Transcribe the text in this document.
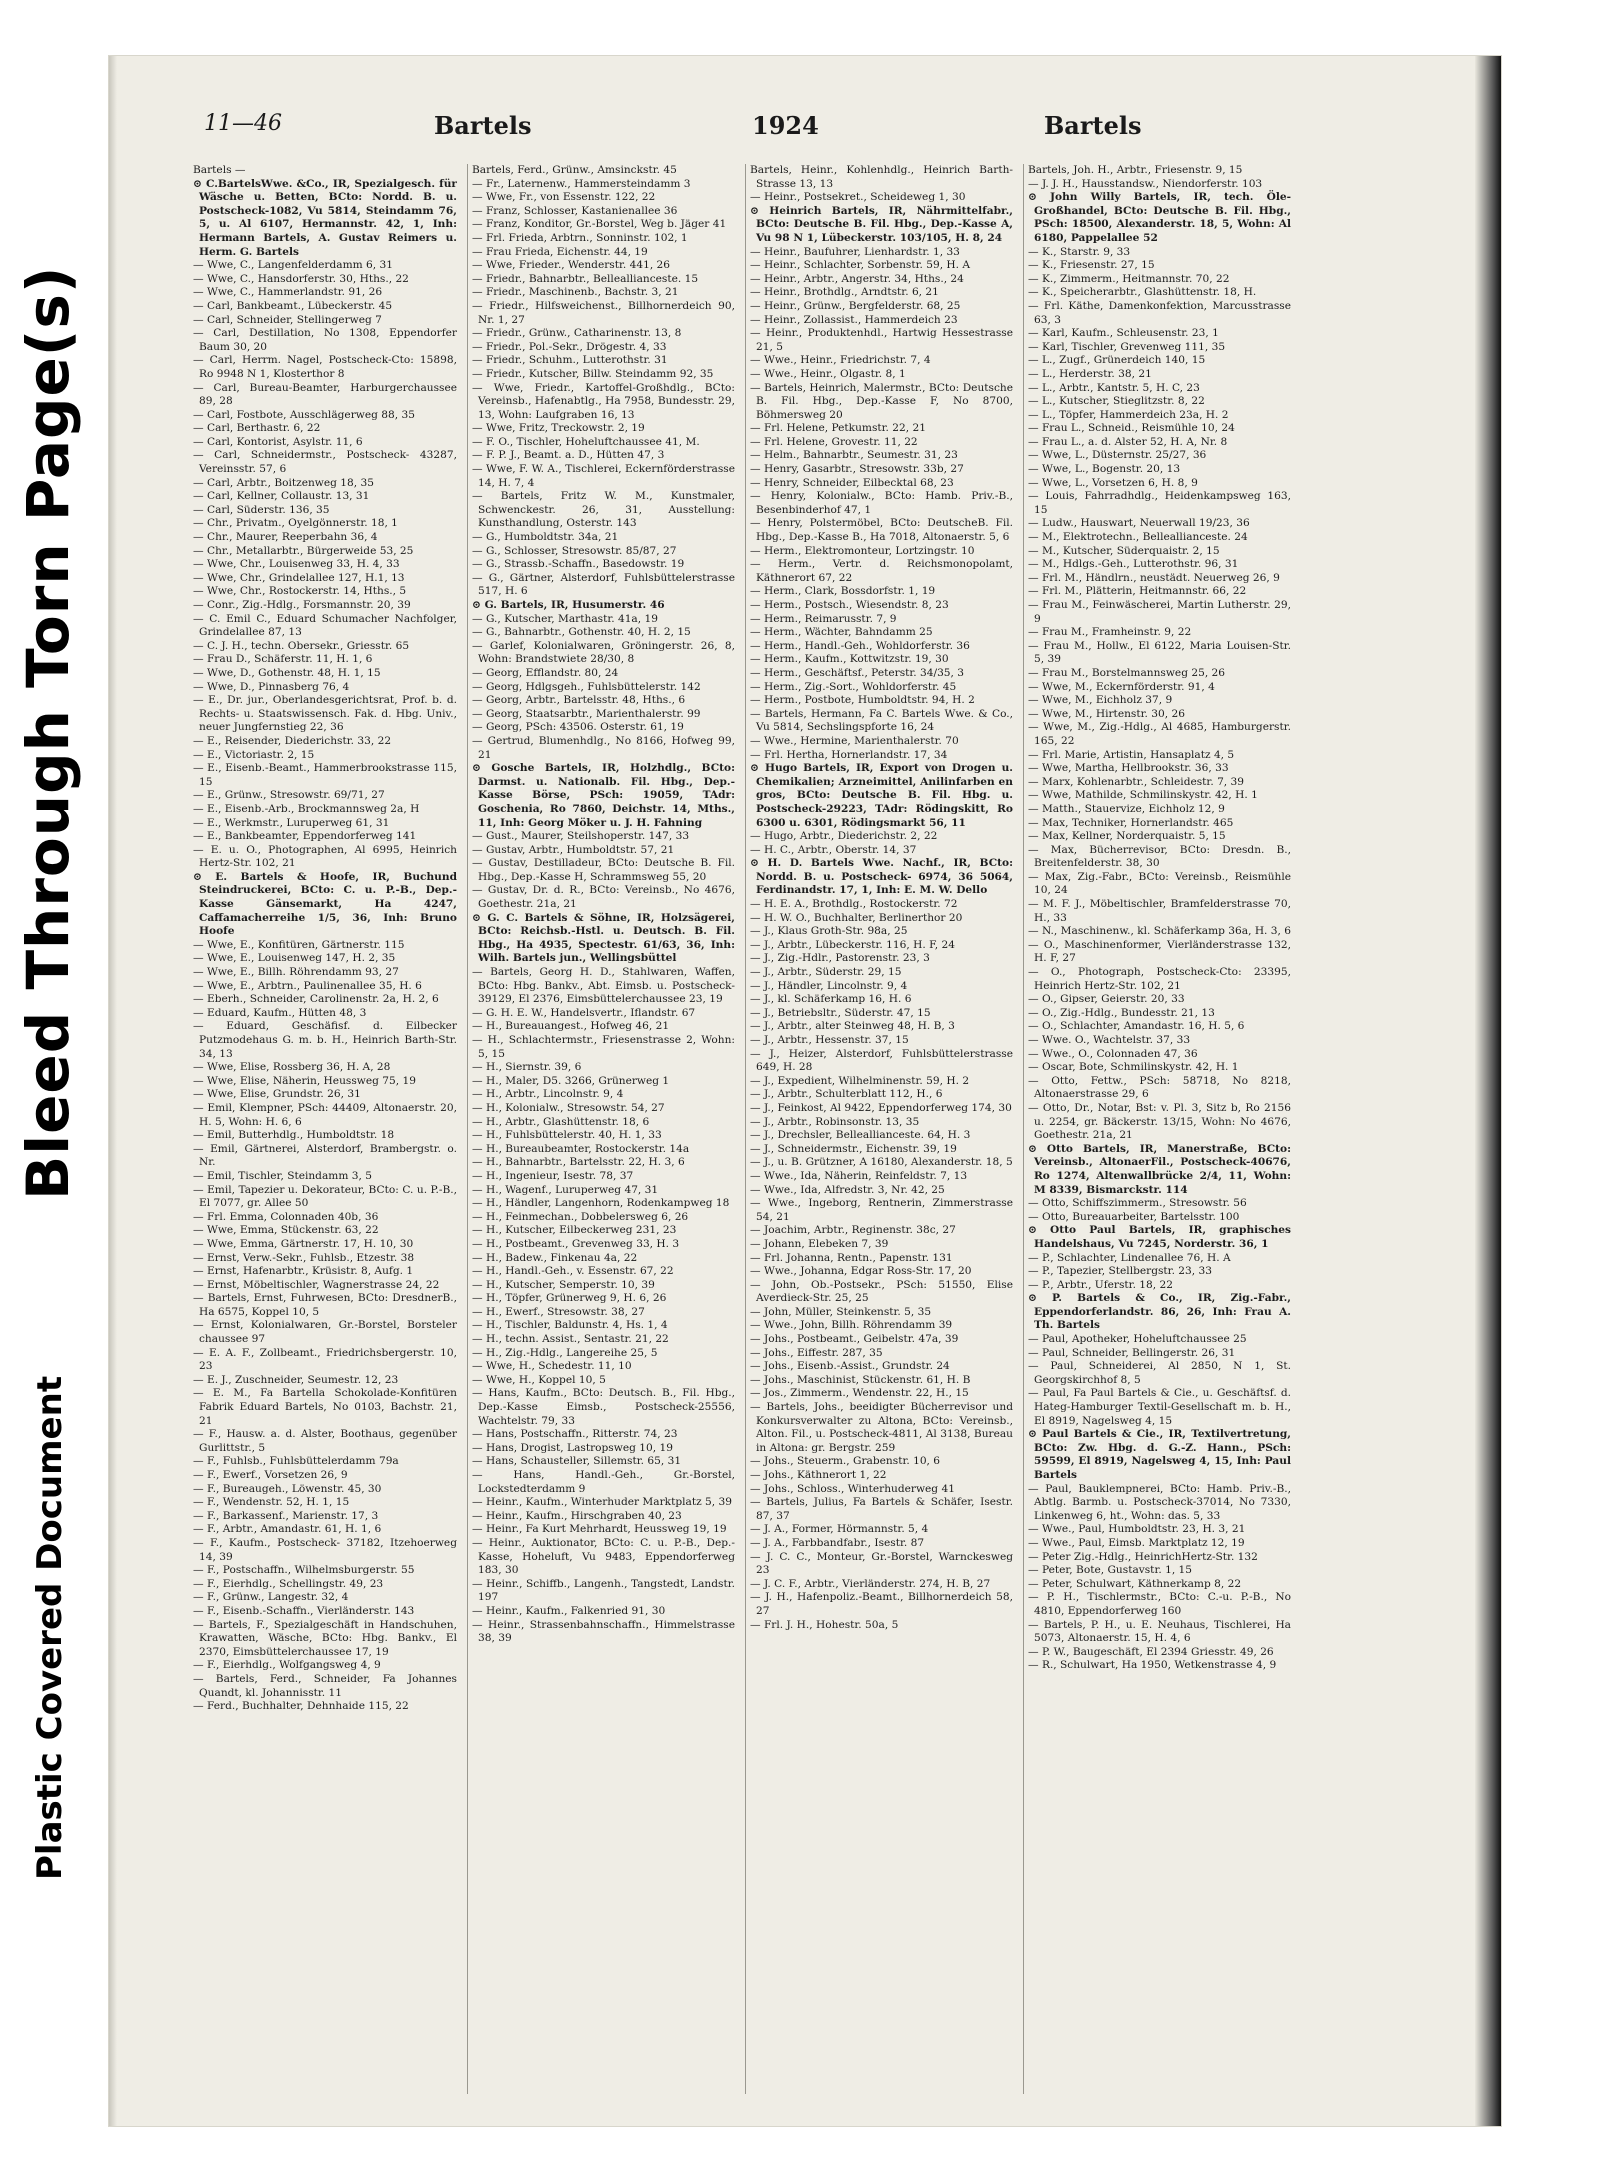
Bleed Through Torn Page(s)
Plastic Covered Document
11—46	Bartels	1924	Bartels

Bartels —

⊙ C.BartelsWwe. &Co., IR, Spezialgesch. für Wäsche u. Betten, BCto: Nordd. B. u. Postscheck-1082, Vu 5814, Steindamm 76, 5, u. Al 6107, Hermannstr. 42, 1, Inh: Hermann Bartels, A. Gustav Reimers u. Herm. G. Bartels

— Wwe, C., Langenfelderdamm 6, 31

— Wwe, C., Hansdorferstr. 30, Hths., 22

— Wwe, C., Hammerlandstr. 91, 26

— Carl, Bankbeamt., Lübeckerstr. 45

— Carl, Schneider, Stellingerweg 7

— Carl, Destillation, No 1308, Eppendorfer Baum 30, 20

— Carl, Herrm. Nagel, Postscheck-Cto: 15898, Ro 9948 N 1, Klosterthor 8

— Carl, Bureau-Beamter, Harburgerchaussee 89, 28

— Carl, Fostbote, Ausschlägerweg 88, 35

— Carl, Berthastr. 6, 22

— Carl, Kontorist, Asylstr. 11, 6

— Carl, Schneidermstr., Postscheck- 43287, Vereinsstr. 57, 6

— Carl, Arbtr., Boitzenweg 18, 35

— Carl, Kellner, Collaustr. 13, 31

— Carl, Süderstr. 136, 35

— Chr., Privatm., Oyelgönnerstr. 18, 1

— Chr., Maurer, Reeperbahn 36, 4

— Chr., Metallarbtr., Bürgerweide 53, 25

— Wwe, Chr., Louisenweg 33, H. 4, 33

— Wwe, Chr., Grindelallee 127, H.1, 13

— Wwe, Chr., Rostockerstr. 14, Hths., 5

— Conr., Zig.-Hdlg., Forsmannstr. 20, 39

— C. Emil C., Eduard Schumacher Nachfolger, Grindelallee 87, 13

— C. J. H., techn. Obersekr., Griesstr. 65

— Frau D., Schäferstr. 11, H. 1, 6

— Wwe, D., Gothenstr. 48, H. 1, 15

— Wwe, D., Pinnasberg 76, 4

— E., Dr. jur., Oberlandesgerichtsrat, Prof. b. d. Rechts- u. Staatswissensch. Fak. d. Hbg. Univ., neuer Jungfernstieg 22, 36

— E., Reisender, Diederichstr. 33, 22

— E., Victoriastr. 2, 15

— E., Eisenb.-Beamt., Hammerbrookstrasse 115, 15

— E., Grünw., Stresowstr. 69/71, 27

— E., Eisenb.-Arb., Brockmannsweg 2a, H

— E., Werkmstr., Luruperweg 61, 31

— E., Bankbeamter, Eppendorferweg 141

— E. u. O., Photographen, Al 6995, Heinrich Hertz-Str. 102, 21

⊙ E. Bartels & Hoofe, IR, Buchund Steindruckerei, BCto: C. u. P.-B., Dep.-Kasse Gänsemarkt, Ha 4247, Caffamacherreihe 1/5, 36, Inh: Bruno Hoofe

— Wwe, E., Konfitüren, Gärtnerstr. 115

— Wwe, E., Louisenweg 147, H. 2, 35

— Wwe, E., Billh. Röhrendamm 93, 27

— Wwe, E., Arbtrn., Paulinenallee 35, H. 6

— Eberh., Schneider, Carolinenstr. 2a, H. 2, 6

— Eduard, Kaufm., Hütten 48, 3

— Eduard, Geschäfisf. d. Eilbecker Putzmodehaus G. m. b. H., Heinrich Barth-Str. 34, 13

— Wwe, Elise, Rossberg 36, H. A, 28

— Wwe, Elise, Näherin, Heussweg 75, 19

— Wwe, Elise, Grundstr. 26, 31

— Emil, Klempner, PSch: 44409, Altonaerstr. 20, H. 5, Wohn: H. 6, 6

— Emil, Butterhdlg., Humboldtstr. 18

— Emil, Gärtnerei, Alsterdorf, Brambergstr. o. Nr.

— Emil, Tischler, Steindamm 3, 5

— Emil, Tapezier u. Dekorateur, BCto: C. u. P.-B., El 7077, gr. Allee 50

— Frl. Emma, Colonnaden 40b, 36

— Wwe, Emma, Stückenstr. 63, 22

— Wwe, Emma, Gärtnerstr. 17, H. 10, 30

— Ernst, Verw.-Sekr., Fuhlsb., Etzestr. 38

— Ernst, Hafenarbtr., Krüsistr. 8, Aufg. 1

— Ernst, Möbeltischler, Wagnerstrasse 24, 22

— Bartels, Ernst, Fuhrwesen, BCto: DresdnerB., Ha 6575, Koppel 10, 5

— Ernst, Kolonialwaren, Gr.-Borstel, Borsteler chaussee 97

— E. A. F., Zollbeamt., Friedrichsbergerstr. 10, 23

— E. J., Zuschneider, Seumestr. 12, 23

— E. M., Fa Bartella Schokolade-Konfitüren Fabrik Eduard Bartels, No 0103, Bachstr. 21, 21

— F., Hausw. a. d. Alster, Boothaus, gegenüber Gurlittstr., 5

— F., Fuhlsb., Fuhlsbüttelerdamm 79a

— F., Ewerf., Vorsetzen 26, 9

— F., Bureaugeh., Löwenstr. 45, 30

— F., Wendenstr. 52, H. 1, 15

— F., Barkassenf., Marienstr. 17, 3

— F., Arbtr., Amandastr. 61, H. 1, 6

— F., Kaufm., Postscheck- 37182, Itzehoerweg 14, 39

— F., Postschaffn., Wilhelmsburgerstr. 55

— F., Eierhdlg., Schellingstr. 49, 23

— F., Grünw., Langestr. 32, 4

— F., Eisenb.-Schaffn., Vierländerstr. 143

— Bartels, F., Spezialgeschäft in Handschuhen, Krawatten, Wäsche, BCto: Hbg. Bankv., El 2370, Eimsbüttelerchaussee 17, 19

— F., Eierhdlg., Wolfgangsweg 4, 9

— Bartels, Ferd., Schneider, Fa Johannes Quandt, kl. Johannisstr. 11

— Ferd., Buchhalter, Dehnhaide 115, 22

Bartels, Ferd., Grünw., Amsinckstr. 45

— Fr., Laternenw., Hammersteindamm 3

— Wwe, Fr., von Essenstr. 122, 22

— Franz, Schlosser, Kastanienallee 36

— Franz, Konditor, Gr.-Borstel, Weg b. Jäger 41

— Frl. Frieda, Arbtrn., Sonninstr. 102, 1

— Frau Frieda, Eichenstr. 44, 19

— Wwe, Frieder., Wenderstr. 441, 26

— Friedr., Bahnarbtr., Belleallianceste. 15

— Friedr., Maschinenb., Bachstr. 3, 21

— Friedr., Hilfsweichenst., Billhornerdeich 90, Nr. 1, 27

— Friedr., Grünw., Catharinenstr. 13, 8

— Friedr., Pol.-Sekr., Drögestr. 4, 33

— Friedr., Schuhm., Lutterothstr. 31

— Friedr., Kutscher, Billw. Steindamm 92, 35

— Wwe, Friedr., Kartoffel-Großhdlg., BCto: Vereinsb., Hafenabtlg., Ha 7958, Bundesstr. 29, 13, Wohn: Laufgraben 16, 13

— Wwe, Fritz, Treckowstr. 2, 19

— F. O., Tischler, Hoheluftchaussee 41, M.

— F. P. J., Beamt. a. D., Hütten 47, 3

— Wwe, F. W. A., Tischlerei, Eckernförderstrasse 14, H. 7, 4

— Bartels, Fritz W. M., Kunstmaler, Schwenckestr. 26, 31, Ausstellung: Kunsthandlung, Osterstr. 143

— G., Humboldtstr. 34a, 21

— G., Schlosser, Stresowstr. 85/87, 27

— G., Strassb.-Schaffn., Basedowstr. 19

— G., Gärtner, Alsterdorf, Fuhlsbüttelerstrasse 517, H. 6

⊙ G. Bartels, IR, Husumerstr. 46

— G., Kutscher, Marthastr. 41a, 19

— G., Bahnarbtr., Gothenstr. 40, H. 2, 15

— Garlef, Kolonialwaren, Gröningerstr. 26, 8, Wohn: Brandstwiete 28/30, 8

— Georg, Efflandstr. 80, 24

— Georg, Hdlgsgeh., Fuhlsbüttelerstr. 142

— Georg, Arbtr., Bartelsstr. 48, Hths., 6

— Georg, Staatsarbtr., Marienthalerstr. 99

— Georg, PSch: 43506. Osterstr. 61, 19

— Gertrud, Blumenhdlg., No 8166, Hofweg 99, 21

⊙ Gosche Bartels, IR, Holzhdlg., BCto: Darmst. u. Nationalb. Fil. Hbg., Dep.-Kasse Börse, PSch: 19059, TAdr: Goschenia, Ro 7860, Deichstr. 14, Mths., 11, Inh: Georg Möker u. J. H. Fahning

— Gust., Maurer, Steilshoperstr. 147, 33

— Gustav, Arbtr., Humboldtstr. 57, 21

— Gustav, Destilladeur, BCto: Deutsche B. Fil. Hbg., Dep.-Kasse H, Schrammsweg 55, 20

— Gustav, Dr. d. R., BCto: Vereinsb., No 4676, Goethestr. 21a, 21

⊙ G. C. Bartels & Söhne, IR, Holzsägerei, BCto: Reichsb.-Hstl. u. Deutsch. B. Fil. Hbg., Ha 4935, Spectestr. 61/63, 36, Inh: Wilh. Bartels jun., Wellingsbüttel

— Bartels, Georg H. D., Stahlwaren, Waffen, BCto: Hbg. Bankv., Abt. Eimsb. u. Postscheck-39129, El 2376, Eimsbüttelerchaussee 23, 19

— G. H. E. W., Handelsvertr., Iflandstr. 67

— H., Bureauangest., Hofweg 46, 21

— H., Schlachtermstr., Friesenstrasse 2, Wohn: 5, 15

— H., Siernstr. 39, 6

— H., Maler, D5. 3266, Grünerweg 1

— H., Arbtr., Lincolnstr. 9, 4

— H., Kolonialw., Stresowstr. 54, 27

— H., Arbtr., Glashüttenstr. 18, 6

— H., Fuhlsbüttelerstr. 40, H. 1, 33

— H., Bureaubeamter, Rostockerstr. 14a

— H., Bahnarbtr., Bartelsstr. 22, H. 3, 6

— H., Ingenieur, Isestr. 78, 37

— H., Wagenf., Luruperweg 47, 31

— H., Händler, Langenhorn, Rodenkampweg 18

— H., Feinmechan., Dobbelersweg 6, 26

— H., Kutscher, Eilbeckerweg 231, 23

— H., Postbeamt., Grevenweg 33, H. 3

— H., Badew., Finkenau 4a, 22

— H., Handl.-Geh., v. Essenstr. 67, 22

— H., Kutscher, Semperstr. 10, 39

— H., Töpfer, Grünerweg 9, H. 6, 26

— H., Ewerf., Stresowstr. 38, 27

— H., Tischler, Baldunstr. 4, Hs. 1, 4

— H., techn. Assist., Sentastr. 21, 22

— H., Zig.-Hdlg., Langereihe 25, 5

— Wwe, H., Schedestr. 11, 10

— Wwe, H., Koppel 10, 5

— Hans, Kaufm., BCto: Deutsch. B., Fil. Hbg., Dep.-Kasse Eimsb., Postscheck-25556, Wachtelstr. 79, 33

— Hans, Postschaffn., Ritterstr. 74, 23

— Hans, Drogist, Lastropsweg 10, 19

— Hans, Schausteller, Sillemstr. 65, 31

— Hans, Handl.-Geh., Gr.-Borstel, Lockstedterdamm 9

— Heinr., Kaufm., Winterhuder Marktplatz 5, 39

— Heinr., Kaufm., Hirschgraben 40, 23

— Heinr., Fa Kurt Mehrhardt, Heussweg 19, 19

— Heinr., Auktionator, BCto: C. u. P.-B., Dep.-Kasse, Hoheluft, Vu 9483, Eppendorferweg 183, 30

— Heinr., Schiffb., Langenh., Tangstedt, Landstr. 197

— Heinr., Kaufm., Falkenried 91, 30

— Heinr., Strassenbahnschaffn., Himmelstrasse 38, 39

Bartels, Heinr., Kohlenhdlg., Heinrich Barth-Strasse 13, 13

— Heinr., Postsekret., Scheideweg 1, 30

⊙ Heinrich Bartels, IR, Nährmittelfabr., BCto: Deutsche B. Fil. Hbg., Dep.-Kasse A, Vu 98 N 1, Lübeckerstr. 103/105, H. 8, 24

— Heinr., Baufuhrer, Lienhardstr. 1, 33

— Heinr., Schlachter, Sorbenstr. 59, H. A

— Heinr., Arbtr., Angerstr. 34, Hths., 24

— Heinr., Brothdlg., Arndtstr. 6, 21

— Heinr., Grünw., Bergfelderstr. 68, 25

— Heinr., Zollassist., Hammerdeich 23

— Heinr., Produktenhdl., Hartwig Hessestrasse 21, 5

— Wwe., Heinr., Friedrichstr. 7, 4

— Wwe., Heinr., Olgastr. 8, 1

— Bartels, Heinrich, Malermstr., BCto: Deutsche B. Fil. Hbg., Dep.-Kasse F, No 8700, Böhmersweg 20

— Frl. Helene, Petkumstr. 22, 21

— Frl. Helene, Grovestr. 11, 22

— Helm., Bahnarbtr., Seumestr. 31, 23

— Henry, Gasarbtr., Stresowstr. 33b, 27

— Henry, Schneider, Eilbecktal 68, 23

— Henry, Kolonialw., BCto: Hamb. Priv.-B., Besenbinderhof 47, 1

— Henry, Polstermöbel, BCto: DeutscheB. Fil. Hbg., Dep.-Kasse B., Ha 7018, Altonaerstr. 5, 6

— Herm., Elektromonteur, Lortzingstr. 10

— Herm., Vertr. d. Reichsmonopolamt, Käthnerort 67, 22

— Herm., Clark, Bossdorfstr. 1, 19

— Herm., Postsch., Wiesendstr. 8, 23

— Herm., Reimarusstr. 7, 9

— Herm., Wächter, Bahndamm 25

— Herm., Handl.-Geh., Wohldorferstr. 36

— Herm., Kaufm., Kottwitzstr. 19, 30

— Herm., Geschäftsf., Peterstr. 34/35, 3

— Herm., Zig.-Sort., Wohldorferstr. 45

— Herm., Postbote, Humboldtstr. 94, H. 2

— Bartels, Hermann, Fa C. Bartels Wwe. & Co., Vu 5814, Sechslingspforte 16, 24

— Wwe., Hermine, Marienthalerstr. 70

— Frl. Hertha, Hornerlandstr. 17, 34

⊙ Hugo Bartels, IR, Export von Drogen u. Chemikalien; Arzneimittel, Anilinfarben en gros, BCto: Deutsche B. Fil. Hbg. u. Postscheck-29223, TAdr: Rödingskitt, Ro 6300 u. 6301, Rödingsmarkt 56, 11

— Hugo, Arbtr., Diederichstr. 2, 22

— H. C., Arbtr., Oberstr. 14, 37

⊙ H. D. Bartels Wwe. Nachf., IR, BCto: Nordd. B. u. Postscheck- 6974, 36 5064, Ferdinandstr. 17, 1, Inh: E. M. W. Dello

— H. E. A., Brothdlg., Rostockerstr. 72

— H. W. O., Buchhalter, Berlinerthor 20

— J., Klaus Groth-Str. 98a, 25

— J., Arbtr., Lübeckerstr. 116, H. F, 24

— J., Zig.-Hdlr., Pastorenstr. 23, 3

— J., Arbtr., Süderstr. 29, 15

— J., Händler, Lincolnstr. 9, 4

— J., kl. Schäferkamp 16, H. 6

— J., Betriebsltr., Süderstr. 47, 15

— J., Arbtr., alter Steinweg 48, H. B, 3

— J., Arbtr., Hessenstr. 37, 15

— J., Heizer, Alsterdorf, Fuhlsbüttelerstrasse 649, H. 28

— J., Expedient, Wilhelminenstr. 59, H. 2

— J., Arbtr., Schulterblatt 112, H., 6

— J., Feinkost, Al 9422, Eppendorferweg 174, 30

— J., Arbtr., Robinsonstr. 13, 35

— J., Drechsler, Belleallianceste. 64, H. 3

— J., Schneidermstr., Eichenstr. 39, 19

— J., u. B. Grützner, A 16180, Alexanderstr. 18, 5

— Wwe., Ida, Näherin, Reinfeldstr. 7, 13

— Wwe., Ida, Alfredstr. 3, Nr. 42, 25

— Wwe., Ingeborg, Rentnerin, Zimmerstrasse 54, 21

— Joachim, Arbtr., Reginenstr. 38c, 27

— Johann, Elebeken 7, 39

— Frl. Johanna, Rentn., Papenstr. 131

— Wwe., Johanna, Edgar Ross-Str. 17, 20

— John, Ob.-Postsekr., PSch: 51550, Elise Averdieck-Str. 25, 25

— John, Müller, Steinkenstr. 5, 35

— Wwe., John, Billh. Röhrendamm 39

— Johs., Postbeamt., Geibelstr. 47a, 39

— Johs., Eiffestr. 287, 35

— Johs., Eisenb.-Assist., Grundstr. 24

— Johs., Maschinist, Stückenstr. 61, H. B

— Jos., Zimmerm., Wendenstr. 22, H., 15

— Bartels, Johs., beeidigter Bücherrevisor und Konkursverwalter zu Altona, BCto: Vereinsb., Alton. Fil., u. Postscheck-4811, Al 3138, Bureau in Altona: gr. Bergstr. 259

— Johs., Steuerm., Grabenstr. 10, 6

— Johs., Käthnerort 1, 22

— Johs., Schloss., Winterhuderweg 41

— Bartels, Julius, Fa Bartels & Schäfer, Isestr. 87, 37

— J. A., Former, Hörmannstr. 5, 4

— J. A., Farbbandfabr., Isestr. 87

— J. C. C., Monteur, Gr.-Borstel, Warnckesweg 23

— J. C. F., Arbtr., Vierländerstr. 274, H. B, 27

— J. H., Hafenpoliz.-Beamt., Billhornerdeich 58, 27

— Frl. J. H., Hohestr. 50a, 5

Bartels, Joh. H., Arbtr., Friesenstr. 9, 15

— J. J. H., Hausstandsw., Niendorferstr. 103

⊙ John Willy Bartels, IR, tech. Öle-Großhandel, BCto: Deutsche B. Fil. Hbg., PSch: 18500, Alexanderstr. 18, 5, Wohn: Al 6180, Pappelallee 52

— K., Starstr. 9, 33

— K., Friesenstr. 27, 15

— K., Zimmerm., Heitmannstr. 70, 22

— K., Speicherarbtr., Glashüttenstr. 18, H.

— Frl. Käthe, Damenkonfektion, Marcusstrasse 63, 3

— Karl, Kaufm., Schleusenstr. 23, 1

— Karl, Tischler, Grevenweg 111, 35

— L., Zugf., Grünerdeich 140, 15

— L., Herderstr. 38, 21

— L., Arbtr., Kantstr. 5, H. C, 23

— L., Kutscher, Stieglitzstr. 8, 22

— L., Töpfer, Hammerdeich 23a, H. 2

— Frau L., Schneid., Reismühle 10, 24

— Frau L., a. d. Alster 52, H. A, Nr. 8

— Wwe, L., Düsternstr. 25/27, 36

— Wwe, L., Bogenstr. 20, 13

— Wwe, L., Vorsetzen 6, H. 8, 9

— Louis, Fahrradhdlg., Heidenkampsweg 163, 15

— Ludw., Hauswart, Neuerwall 19/23, 36

— M., Elektrotechn., Belleallianceste. 24

— M., Kutscher, Süderquaistr. 2, 15

— M., Hdlgs.-Geh., Lutterothstr. 96, 31

— Frl. M., Händlrn., neustädt. Neuerweg 26, 9

— Frl. M., Plätterin, Heitmannstr. 66, 22

— Frau M., Feinwäscherei, Martin Lutherstr. 29, 9

— Frau M., Framheinstr. 9, 22

— Frau M., Hollw., El 6122, Maria Louisen-Str. 5, 39

— Frau M., Borstelmannsweg 25, 26

— Wwe, M., Eckernförderstr. 91, 4

— Wwe, M., Eichholz 37, 9

— Wwe, M., Hirtenstr. 30, 26

— Wwe, M., Zig.-Hdlg., Al 4685, Hamburgerstr. 165, 22

— Frl. Marie, Artistin, Hansaplatz 4, 5

— Wwe, Martha, Hellbrookstr. 36, 33

— Marx, Kohlenarbtr., Schleidestr. 7, 39

— Wwe, Mathilde, Schmilinskystr. 42, H. 1

— Matth., Stauervize, Eichholz 12, 9

— Max, Techniker, Hornerlandstr. 465

— Max, Kellner, Norderquaistr. 5, 15

— Max, Bücherrevisor, BCto: Dresdn. B., Breitenfelderstr. 38, 30

— Max, Zig.-Fabr., BCto: Vereinsb., Reismühle 10, 24

— M. F. J., Möbeltischler, Bramfelderstrasse 70, H., 33

— N., Maschinenw., kl. Schäferkamp 36a, H. 3, 6

— O., Maschinenformer, Vierländerstrasse 132, H. F, 27

— O., Photograph, Postscheck-Cto: 23395, Heinrich Hertz-Str. 102, 21

— O., Gipser, Geierstr. 20, 33

— O., Zig.-Hdlg., Bundesstr. 21, 13

— O., Schlachter, Amandastr. 16, H. 5, 6

— Wwe. O., Wachtelstr. 37, 33

— Wwe., O., Colonnaden 47, 36

— Oscar, Bote, Schmilinskystr. 42, H. 1

— Otto, Fettw., PSch: 58718, No 8218, Altonaerstrasse 29, 6

— Otto, Dr., Notar, Bst: v. Pl. 3, Sitz b, Ro 2156 u. 2254, gr. Bäckerstr. 13/15, Wohn: No 4676, Goethestr. 21a, 21

⊙ Otto Bartels, IR, Manerstraße, BCto: Vereinsb., AltonaerFil., Postscheck-40676, Ro 1274, Altenwallbrücke 2/4, 11, Wohn: M 8339, Bismarckstr. 114

— Otto, Schiffszimmerm., Stresowstr. 56

— Otto, Bureauarbeiter, Bartelsstr. 100

⊙ Otto Paul Bartels, IR, graphisches Handelshaus, Vu 7245, Norderstr. 36, 1

— P., Schlachter, Lindenallee 76, H. A

— P., Tapezier, Stellbergstr. 23, 33

— P., Arbtr., Uferstr. 18, 22

⊙ P. Bartels & Co., IR, Zig.-Fabr., Eppendorferlandstr. 86, 26, Inh: Frau A. Th. Bartels

— Paul, Apotheker, Hoheluftchaussee 25

— Paul, Schneider, Bellingerstr. 26, 31

— Paul, Schneiderei, Al 2850, N 1, St. Georgskirchhof 8, 5

— Paul, Fa Paul Bartels & Cie., u. Geschäftsf. d. Hateg-Hamburger Textil-Gesellschaft m. b. H., El 8919, Nagelsweg 4, 15

⊙ Paul Bartels & Cie., IR, Textilvertretung, BCto: Zw. Hbg. d. G.-Z. Hann., PSch: 59599, El 8919, Nagelsweg 4, 15, Inh: Paul Bartels

— Paul, Bauklempnerei, BCto: Hamb. Priv.-B., Abtlg. Barmb. u. Postscheck-37014, No 7330, Linkenweg 6, ht., Wohn: das. 5, 33

— Wwe., Paul, Humboldtstr. 23, H. 3, 21

— Wwe., Paul, Eimsb. Marktplatz 12, 19

— Peter Zig.-Hdlg., HeinrichHertz-Str. 132

— Peter, Bote, Gustavstr. 1, 15

— Peter, Schulwart, Käthnerkamp 8, 22

— P. H., Tischlermstr., BCto: C.-u. P.-B., No 4810, Eppendorferweg 160

— Bartels, P. H., u. E. Neuhaus, Tischlerei, Ha 5073, Altonaerstr. 15, H. 4, 6

— P. W., Baugeschäft, El 2394 Griesstr. 49, 26

— R., Schulwart, Ha 1950, Wetkenstrasse 4, 9
